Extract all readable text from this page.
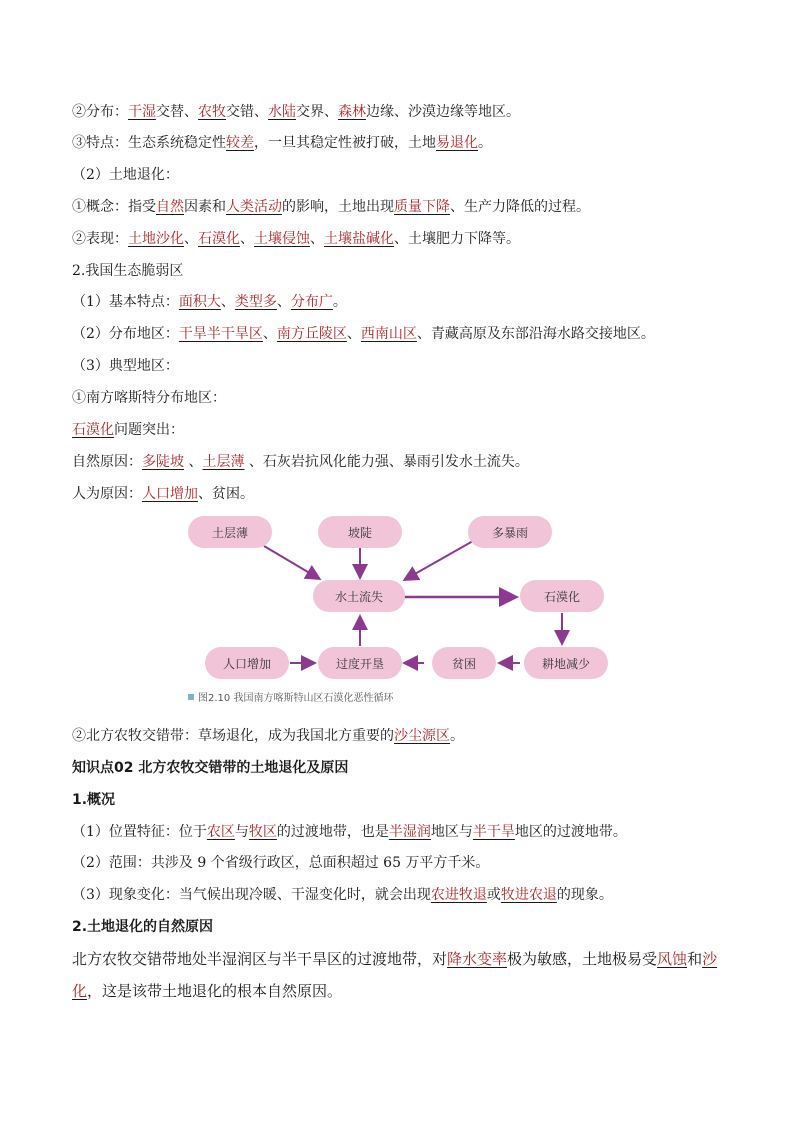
②分布：干湿交替、农牧交错、水陆交界、森林边缘、沙漠边缘等地区。
③特点：生态系统稳定性较差，一旦其稳定性被打破，土地易退化。
（2）土地退化：
①概念：指受自然因素和人类活动的影响，土地出现质量下降、生产力降低的过程。
②表现：土地沙化、石漠化、土壤侵蚀、土壤盐碱化、土壤肥力下降等。
2.我国生态脆弱区
（1）基本特点：面积大、类型多、分布广。
（2）分布地区：干旱半干旱区、南方丘陵区、西南山区、青藏高原及东部沿海水路交接地区。
（3）典型地区：
①南方喀斯特分布地区：
石漠化问题突出：
自然原因：多陡坡 、土层薄 、石灰岩抗风化能力强、暴雨引发水土流失。
人为原因：人口增加、贫困。
土层薄	坡陡	多暴雨
水土流失	石漠化
人口增加	过度开垦	贫困	耕地减少
图2.10 我国南方喀斯特山区石漠化恶性循环
②北方农牧交错带：草场退化，成为我国北方重要的沙尘源区。
知识点02 北方农牧交错带的土地退化及原因
1.概况
（1）位置特征：位于农区与牧区的过渡地带，也是半湿润地区与半干旱地区的过渡地带。
（2）范围：共涉及 9 个省级行政区，总面积超过 65 万平方千米。
（3）现象变化：当气候出现冷暖、干湿变化时，就会出现农进牧退或牧进农退的现象。
2.土地退化的自然原因
北方农牧交错带地处半湿润区与半干旱区的过渡地带，对降水变率极为敏感，土地极易受风蚀和沙化，这是该带土地退化的根本自然原因。
